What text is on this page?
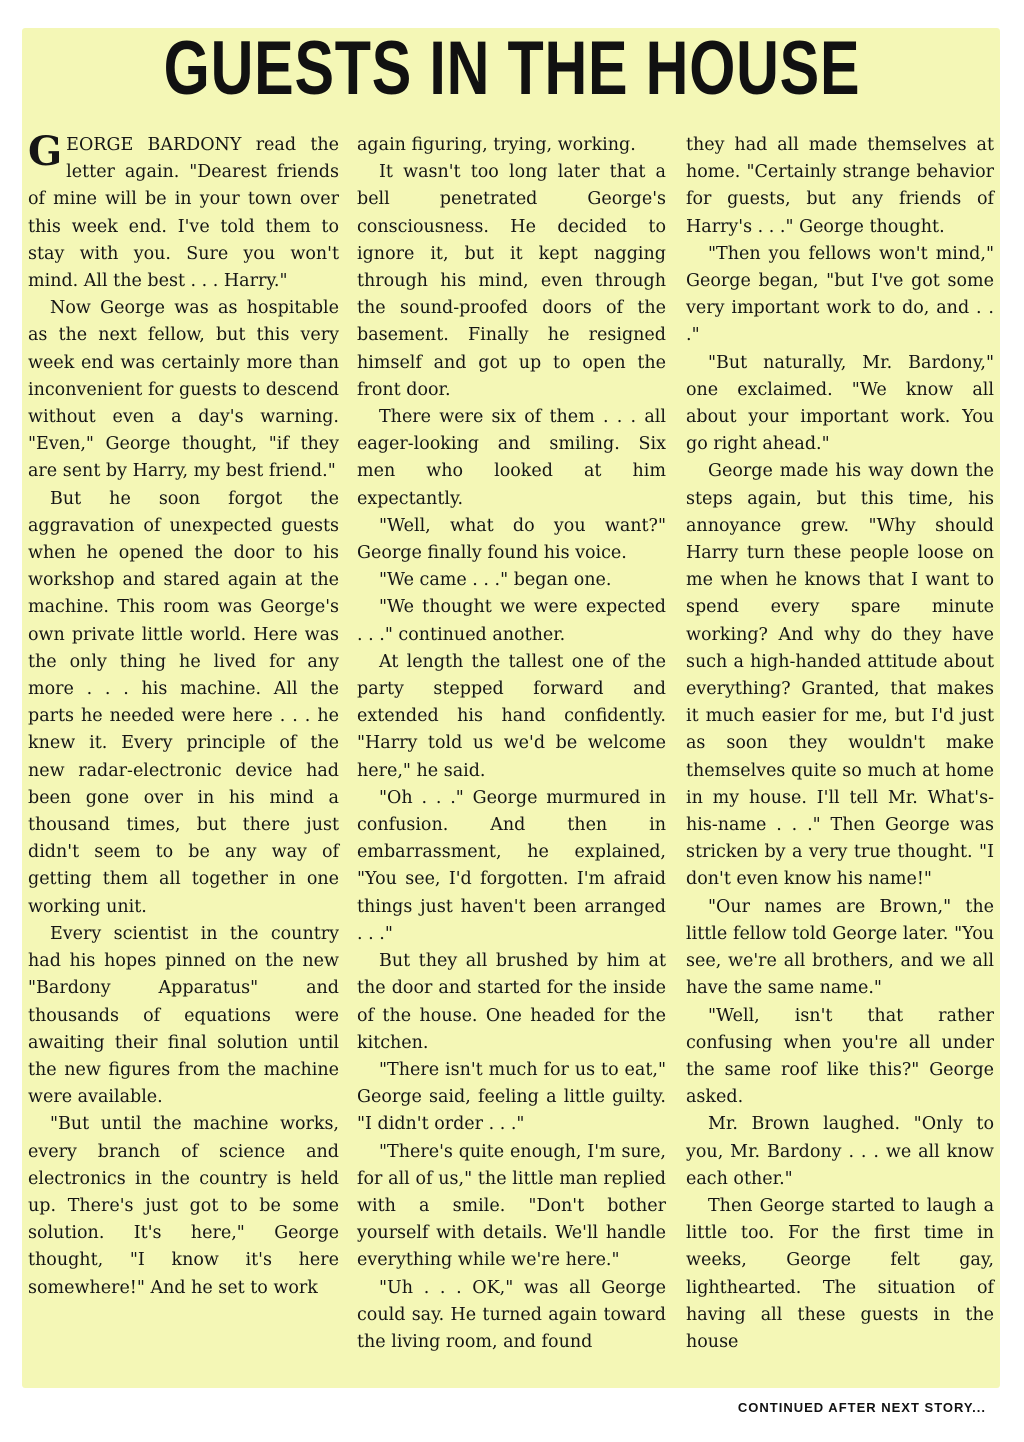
GUESTS IN THE HOUSE

GEORGE BARDONY read the letter again. "Dearest friends of mine will be in your town over this week end. I've told them to stay with you. Sure you won't mind. All the best . . . Harry."

Now George was as hospitable as the next fellow, but this very week end was certainly more than inconvenient for guests to descend without even a day's warning. "Even," George thought, "if they are sent by Harry, my best friend."

But he soon forgot the aggravation of unexpected guests when he opened the door to his workshop and stared again at the machine. This room was George's own private little world. Here was the only thing he lived for any more . . . his machine. All the parts he needed were here . . . he knew it. Every principle of the new radar-electronic device had been gone over in his mind a thousand times, but there just didn't seem to be any way of getting them all together in one working unit.

Every scientist in the country had his hopes pinned on the new "Bardony Apparatus" and thousands of equations were awaiting their final solution until the new figures from the machine were available.

"But until the machine works, every branch of science and electronics in the country is held up. There's just got to be some solution. It's here," George thought, "I know it's here somewhere!" And he set to work

again figuring, trying, working.

It wasn't too long later that a bell penetrated George's consciousness. He decided to ignore it, but it kept nagging through his mind, even through the sound-proofed doors of the basement. Finally he resigned himself and got up to open the front door.

There were six of them . . . all eager-looking and smiling. Six men who looked at him expectantly.

"Well, what do you want?" George finally found his voice.

"We came . . ." began one.

"We thought we were expected . . ." continued another.

At length the tallest one of the party stepped forward and extended his hand confidently. "Harry told us we'd be welcome here," he said.

"Oh . . ." George murmured in confusion. And then in embarrassment, he explained, "You see, I'd forgotten. I'm afraid things just haven't been arranged . . ."

But they all brushed by him at the door and started for the inside of the house. One headed for the kitchen.

"There isn't much for us to eat," George said, feeling a little guilty. "I didn't order . . ."

"There's quite enough, I'm sure, for all of us," the little man replied with a smile. "Don't bother yourself with details. We'll handle everything while we're here."

"Uh . . . OK," was all George could say. He turned again toward the living room, and found

they had all made themselves at home. "Certainly strange behavior for guests, but any friends of Harry's . . ." George thought.

"Then you fellows won't mind," George began, "but I've got some very important work to do, and . . ."

"But naturally, Mr. Bardony," one exclaimed. "We know all about your important work. You go right ahead."

George made his way down the steps again, but this time, his annoyance grew. "Why should Harry turn these people loose on me when he knows that I want to spend every spare minute working? And why do they have such a high-handed attitude about everything? Granted, that makes it much easier for me, but I'd just as soon they wouldn't make themselves quite so much at home in my house. I'll tell Mr. What's-his-name . . ." Then George was stricken by a very true thought. "I don't even know his name!"

"Our names are Brown," the little fellow told George later. "You see, we're all brothers, and we all have the same name."

"Well, isn't that rather confusing when you're all under the same roof like this?" George asked.

Mr. Brown laughed. "Only to you, Mr. Bardony . . . we all know each other."

Then George started to laugh a little too. For the first time in weeks, George felt gay, lighthearted. The situation of having all these guests in the house

CONTINUED AFTER NEXT STORY...
